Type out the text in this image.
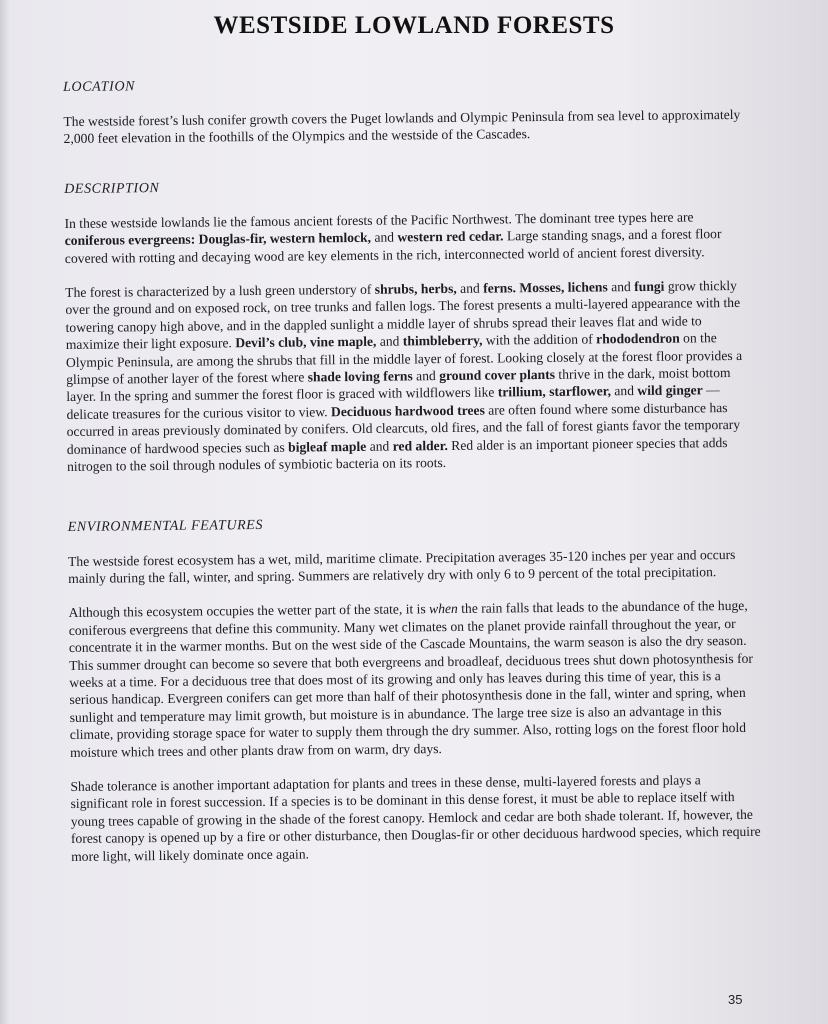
WESTSIDE LOWLAND FORESTS
LOCATION

The westside forest’s lush conifer growth covers the Puget lowlands and Olympic Peninsula from sea level to approximately 2,000 feet elevation in the foothills of the Olympics and the westside of the Cascades.

DESCRIPTION

In these westside lowlands lie the famous ancient forests of the Pacific Northwest. The dominant tree types here are coniferous evergreens: Douglas-fir, western hemlock, and western red cedar. Large standing snags, and a forest floor covered with rotting and decaying wood are key elements in the rich, interconnected world of ancient forest diversity.

The forest is characterized by a lush green understory of shrubs, herbs, and ferns. Mosses, lichens and fungi grow thickly over the ground and on exposed rock, on tree trunks and fallen logs. The forest presents a multi-layered appearance with the towering canopy high above, and in the dappled sunlight a middle layer of shrubs spread their leaves flat and wide to maximize their light exposure. Devil’s club, vine maple, and thimbleberry, with the addition of rhododendron on the Olympic Peninsula, are among the shrubs that fill in the middle layer of forest. Looking closely at the forest floor provides a glimpse of another layer of the forest where shade loving ferns and ground cover plants thrive in the dark, moist bottom layer. In the spring and summer the forest floor is graced with wildflowers like trillium, starflower, and wild ginger — delicate treasures for the curious visitor to view. Deciduous hardwood trees are often found where some disturbance has occurred in areas previously dominated by conifers. Old clearcuts, old fires, and the fall of forest giants favor the temporary dominance of hardwood species such as bigleaf maple and red alder. Red alder is an important pioneer species that adds nitrogen to the soil through nodules of symbiotic bacteria on its roots.

ENVIRONMENTAL FEATURES

The westside forest ecosystem has a wet, mild, maritime climate. Precipitation averages 35-120 inches per year and occurs mainly during the fall, winter, and spring. Summers are relatively dry with only 6 to 9 percent of the total precipitation.

Although this ecosystem occupies the wetter part of the state, it is when the rain falls that leads to the abundance of the huge, coniferous evergreens that define this community. Many wet climates on the planet provide rainfall throughout the year, or concentrate it in the warmer months. But on the west side of the Cascade Mountains, the warm season is also the dry season. This summer drought can become so severe that both evergreens and broadleaf, deciduous trees shut down photosynthesis for weeks at a time. For a deciduous tree that does most of its growing and only has leaves during this time of year, this is a serious handicap. Evergreen conifers can get more than half of their photosynthesis done in the fall, winter and spring, when sunlight and temperature may limit growth, but moisture is in abundance. The large tree size is also an advantage in this climate, providing storage space for water to supply them through the dry summer. Also, rotting logs on the forest floor hold moisture which trees and other plants draw from on warm, dry days.

Shade tolerance is another important adaptation for plants and trees in these dense, multi-layered forests and plays a significant role in forest succession. If a species is to be dominant in this dense forest, it must be able to replace itself with young trees capable of growing in the shade of the forest canopy. Hemlock and cedar are both shade tolerant. If, however, the forest canopy is opened up by a fire or other disturbance, then Douglas-fir or other deciduous hardwood species, which require more light, will likely dominate once again.

35
